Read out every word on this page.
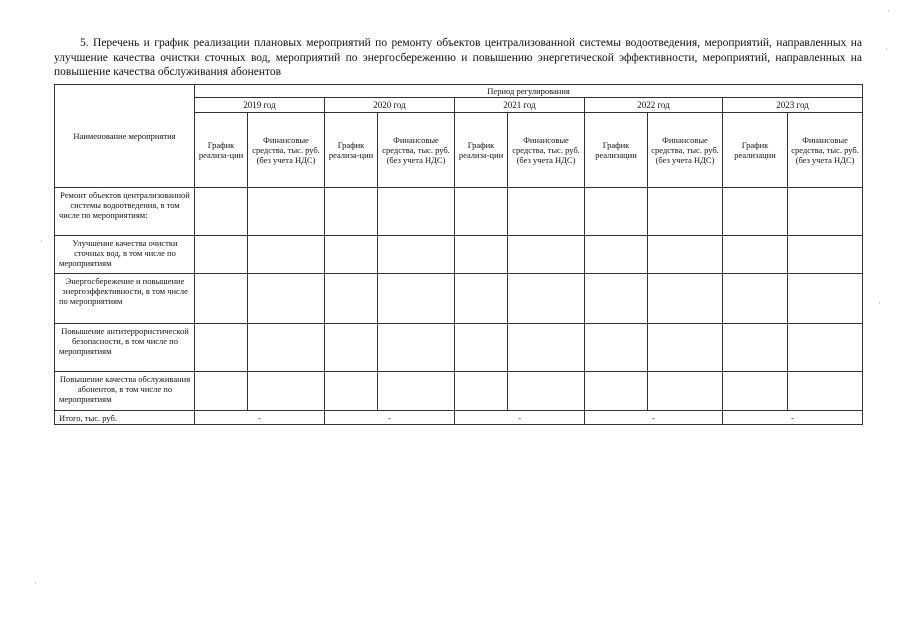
5. Перечень и график реализации плановых мероприятий по ремонту объектов централизованной системы водоотведения, мероприятий, направленных на улучшение качества очистки сточных вод, мероприятий по энергосбережению и повышению энергетической эффективности, мероприятий, направленных на повышение качества обслуживания абонентов

Наименование мероприятия	Период регулирования									
	2019 год		2020 год		2021 год		2022 год		2023 год	
	График реализа-ции	Финансовые средства, тыс. руб. (без учета НДС)	График реализа-ции	Финансовые средства, тыс. руб. (без учета НДС)	График реализа-ции	Финансовые средства, тыс. руб. (без учета НДС)	График реализации	Финансовые средства, тыс. руб. (без учета НДС)	График реализации	Финансовые средства, тыс. руб. (без учета НДС)
Ремонт объектов централизованной системы водоотведения, в том числе по мероприятиям:										
Улучшение качества очистки сточных вод, в том числе по мероприятиям										
Энергосбережение и повышение энергоэффективности, в том числе по мероприятиям										
Повышение антитеррористической безопасности, в том числе по мероприятиям										
Повышение качества обслуживания абонентов, в том числе по мероприятиям										
Итого, тыс. руб.	-		-		-		-		-	
·
·
·
·
·
